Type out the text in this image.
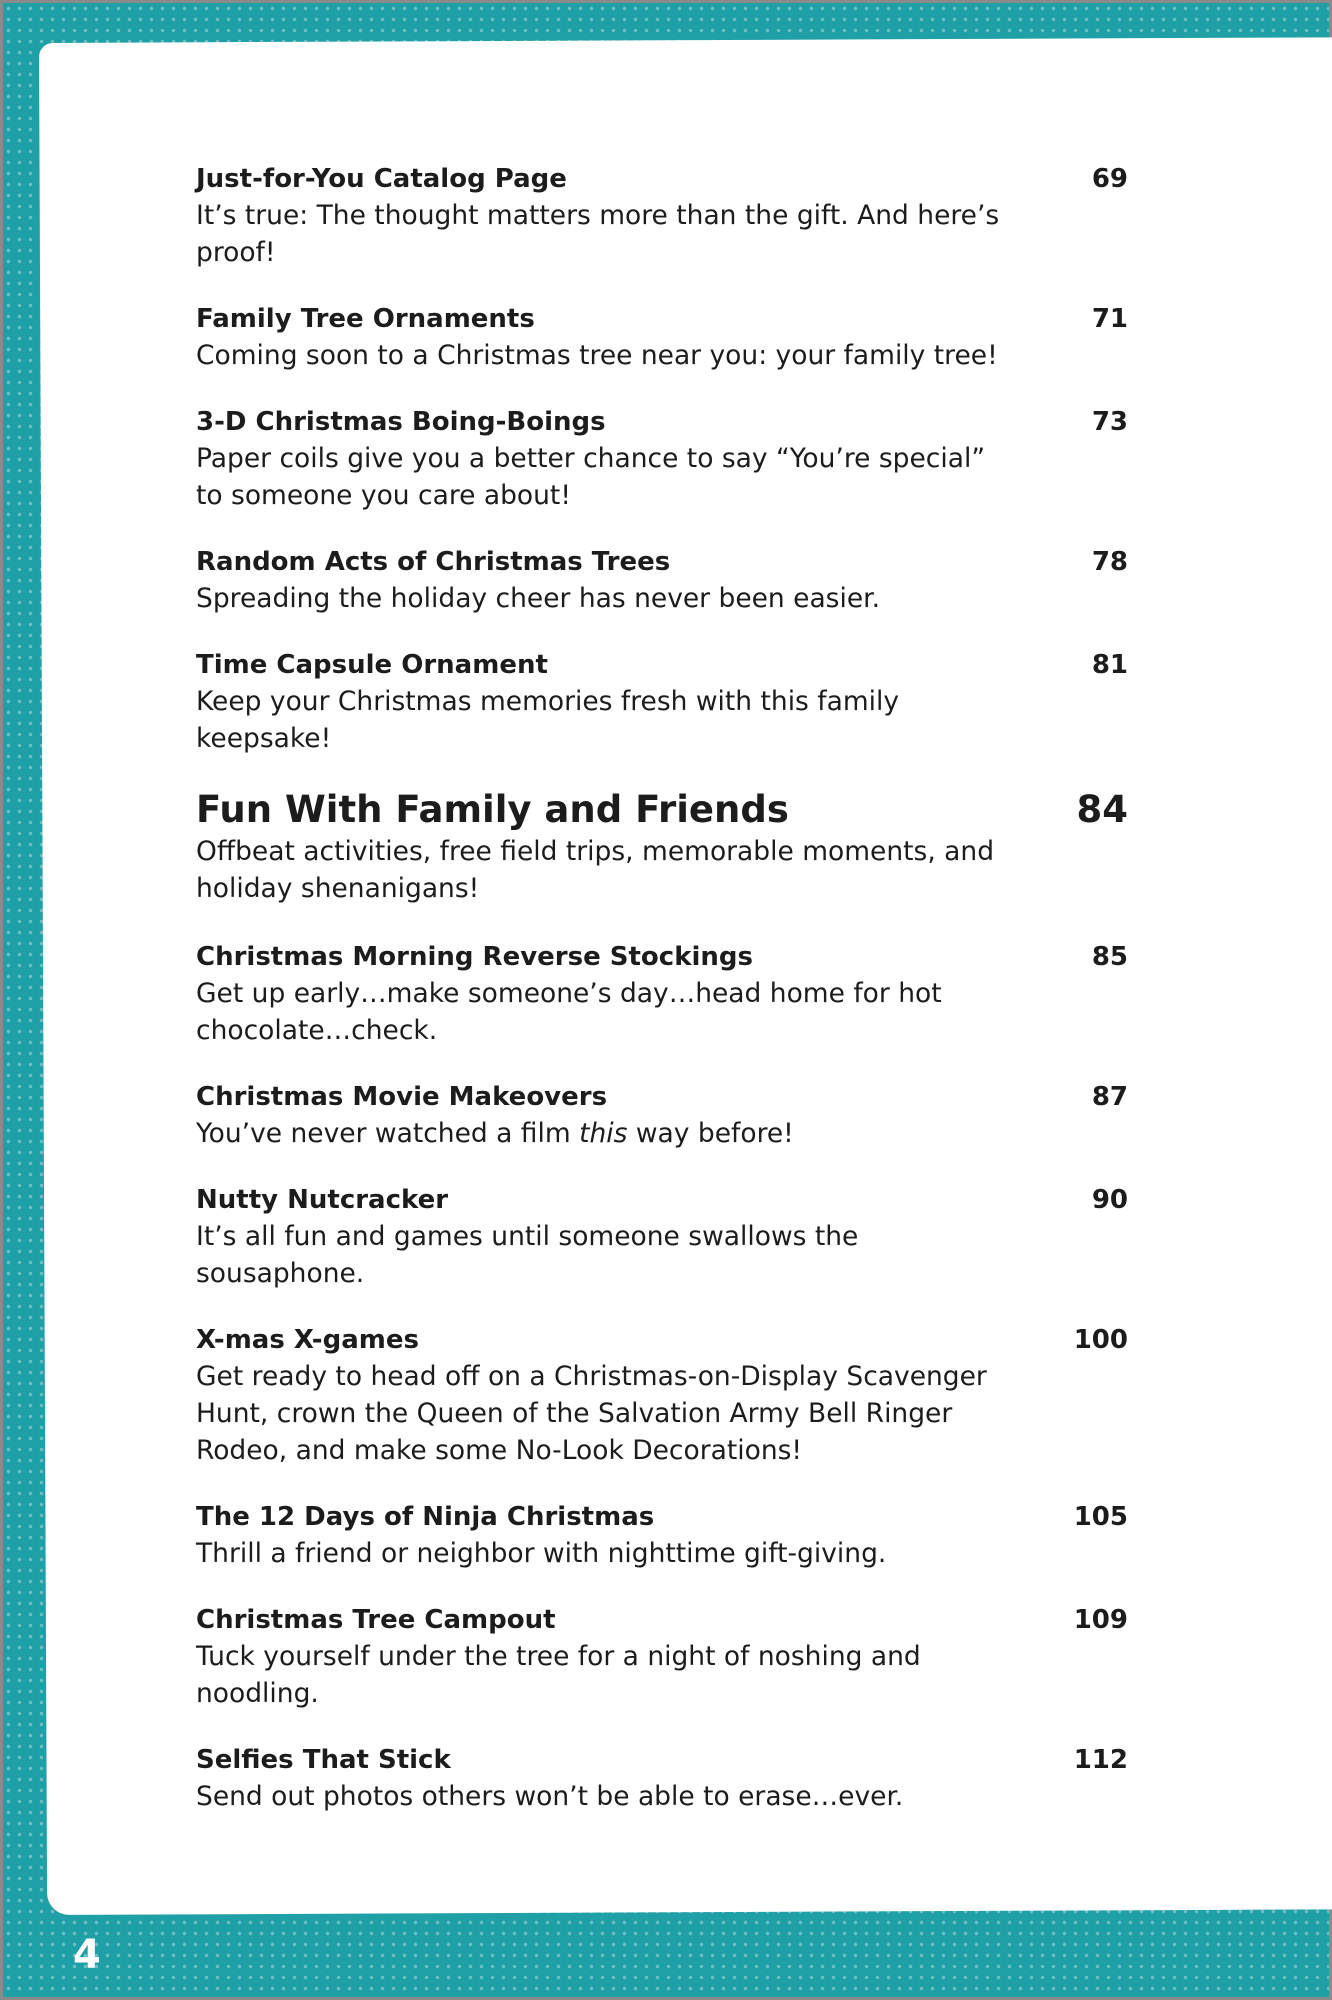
Just-for-You Catalog Page	69
It’s true: The thought matters more than the gift. And here’s proof!
Family Tree Ornaments	71
Coming soon to a Christmas tree near you: your family tree!
3-D Christmas Boing-Boings	73
Paper coils give you a better chance to say “You’re special” to someone you care about!
Random Acts of Christmas Trees	78
Spreading the holiday cheer has never been easier.
Time Capsule Ornament	81
Keep your Christmas memories fresh with this family keepsake!
Fun With Family and Friends	84
Offbeat activities, free field trips, memorable moments, and holiday shenanigans!
Christmas Morning Reverse Stockings	85
Get up early…make someone’s day…head home for hot chocolate…check.
Christmas Movie Makeovers	87
You’ve never watched a film this way before!
Nutty Nutcracker	90
It’s all fun and games until someone swallows the sousaphone.
X-mas X-games	100
Get ready to head off on a Christmas-on-Display Scavenger Hunt, crown the Queen of the Salvation Army Bell Ringer Rodeo, and make some No-Look Decorations!
The 12 Days of Ninja Christmas	105
Thrill a friend or neighbor with nighttime gift-giving.
Christmas Tree Campout	109
Tuck yourself under the tree for a night of noshing and noodling.
Selfies That Stick	112
Send out photos others won’t be able to erase…ever.
4
